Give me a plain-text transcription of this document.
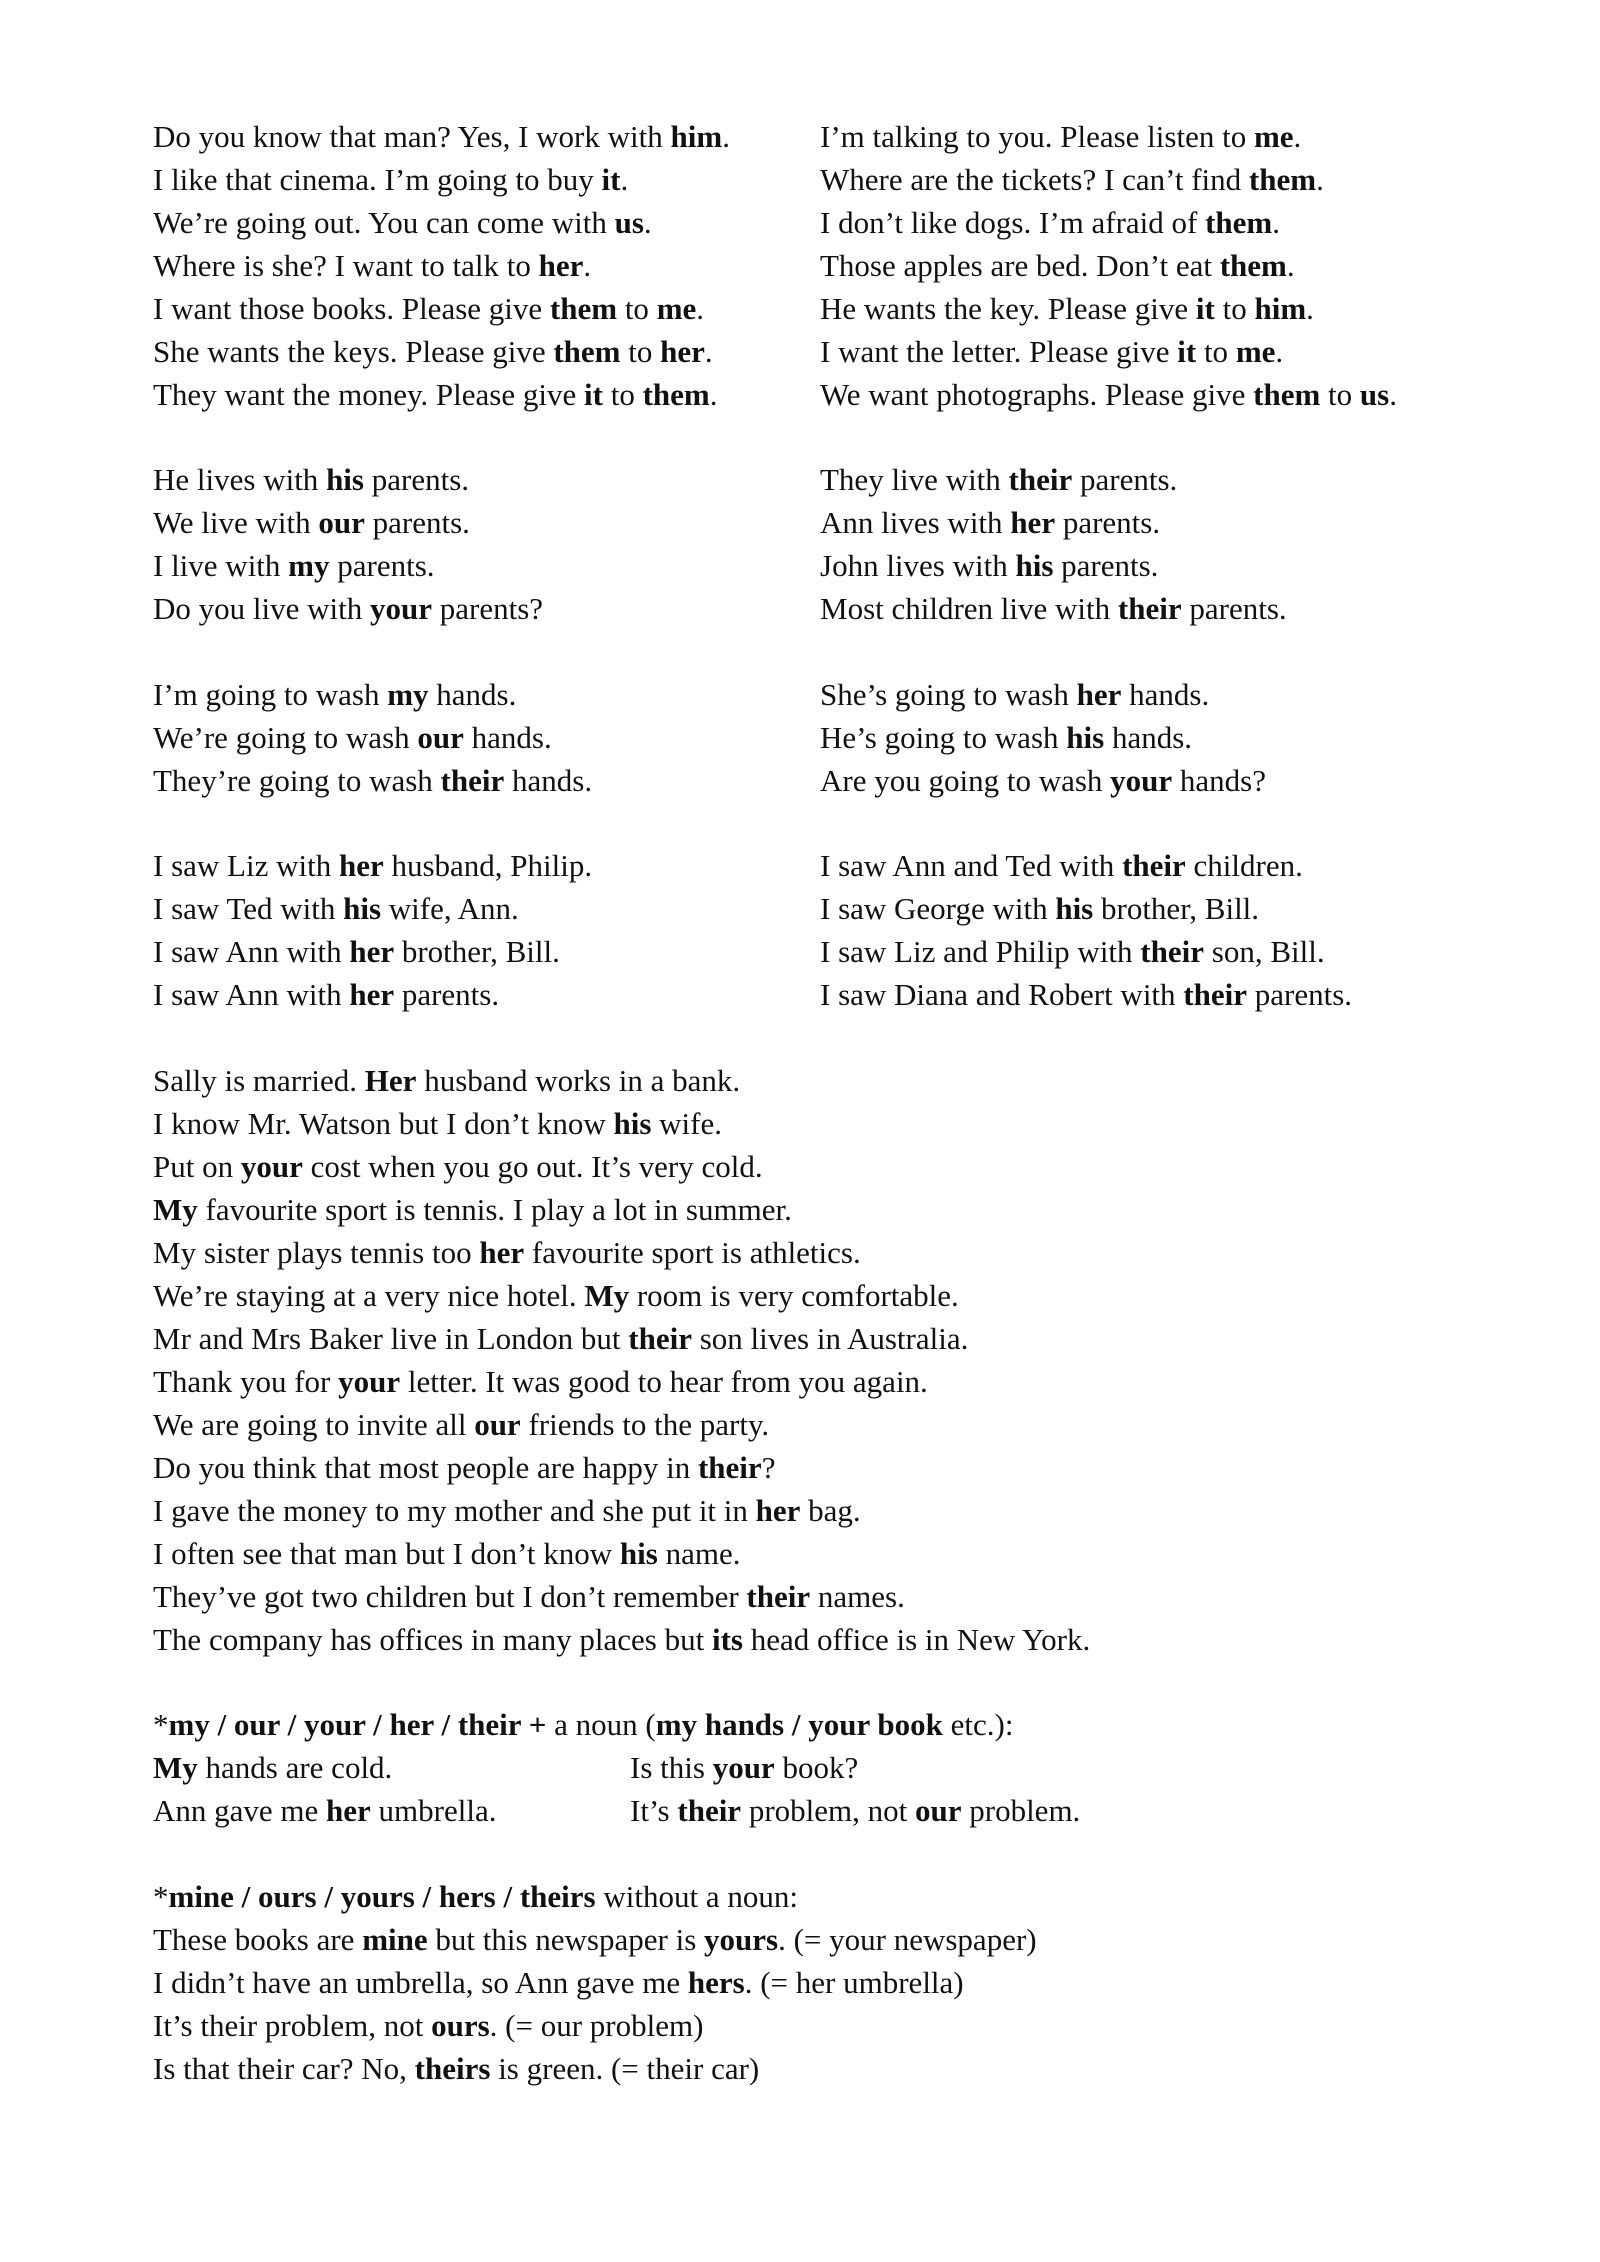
Do you know that man? Yes, I work with him.
I like that cinema. I’m going to buy it.
We’re going out. You can come with us.
Where is she? I want to talk to her.
I want those books. Please give them to me.
She wants the keys. Please give them to her.
They want the money. Please give it to them.
I’m talking to you. Please listen to me.
Where are the tickets? I can’t find them.
I don’t like dogs. I’m afraid of them.
Those apples are bed. Don’t eat them.
He wants the key. Please give it to him.
I want the letter. Please give it to me.
We want photographs. Please give them to us.
He lives with his parents.
We live with our parents.
I live with my parents.
Do you live with your parents?
They live with their parents.
Ann lives with her parents.
John lives with his parents.
Most children live with their parents.
I’m going to wash my hands.
We’re going to wash our hands.
They’re going to wash their hands.
She’s going to wash her hands.
He’s going to wash his hands.
Are you going to wash your hands?
I saw Liz with her husband, Philip.
I saw Ted with his wife, Ann.
I saw Ann with her brother, Bill.
I saw Ann with her parents.
I saw Ann and Ted with their children.
I saw George with his brother, Bill.
I saw Liz and Philip with their son, Bill.
I saw Diana and Robert with their parents.
Sally is married. Her husband works in a bank.
I know Mr. Watson but I don’t know his wife.
Put on your cost when you go out. It’s very cold.
My favourite sport is tennis. I play a lot in summer.
My sister plays tennis too her favourite sport is athletics.
We’re staying at a very nice hotel. My room is very comfortable.
Mr and Mrs Baker live in London but their son lives in Australia.
Thank you for your letter. It was good to hear from you again.
We are going to invite all our friends to the party.
Do you think that most people are happy in their?
I gave the money to my mother and she put it in her bag.
I often see that man but I don’t know his name.
They’ve got two children but I don’t remember their names.
The company has offices in many places but its head office is in New York.
*my / our / your / her / their + a noun (my hands / your book etc.):
My hands are cold.
Ann gave me her umbrella.
Is this your book?
It’s their problem, not our problem.
*mine / ours / yours / hers / theirs without a noun:
These books are mine but this newspaper is yours. (= your newspaper)
I didn’t have an umbrella, so Ann gave me hers. (= her umbrella)
It’s their problem, not ours. (= our problem)
Is that their car? No, theirs is green. (= their car)
